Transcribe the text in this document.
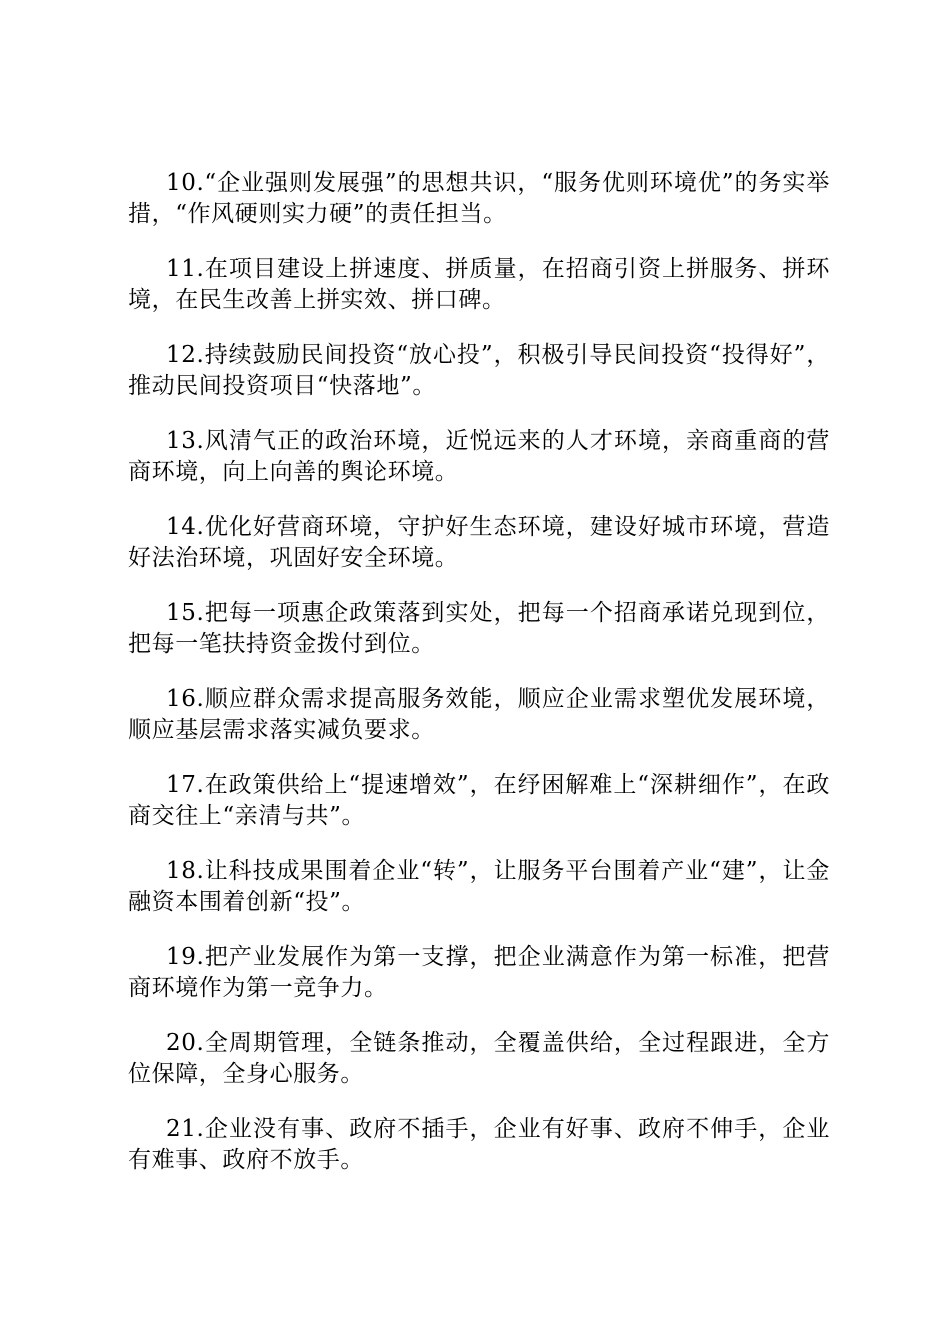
10.“企业强则发展强”的思想共识，“服务优则环境优”的务实举措，“作风硬则实力硬”的责任担当。

11.在项目建设上拼速度、拼质量，在招商引资上拼服务、拼环境，在民生改善上拼实效、拼口碑。

12.持续鼓励民间投资“放心投”，积极引导民间投资“投得好”，推动民间投资项目“快落地”。

13.风清气正的政治环境，近悦远来的人才环境，亲商重商的营商环境，向上向善的舆论环境。

14.优化好营商环境，守护好生态环境，建设好城市环境，营造好法治环境，巩固好安全环境。

15.把每一项惠企政策落到实处，把每一个招商承诺兑现到位，把每一笔扶持资金拨付到位。

16.顺应群众需求提高服务效能，顺应企业需求塑优发展环境，顺应基层需求落实减负要求。

17.在政策供给上“提速增效”，在纾困解难上“深耕细作”，在政商交往上“亲清与共”。

18.让科技成果围着企业“转”，让服务平台围着产业“建”，让金融资本围着创新“投”。

19.把产业发展作为第一支撑，把企业满意作为第一标准，把营商环境作为第一竞争力。

20.全周期管理，全链条推动，全覆盖供给，全过程跟进，全方位保障，全身心服务。

21.企业没有事、政府不插手，企业有好事、政府不伸手，企业有难事、政府不放手。
